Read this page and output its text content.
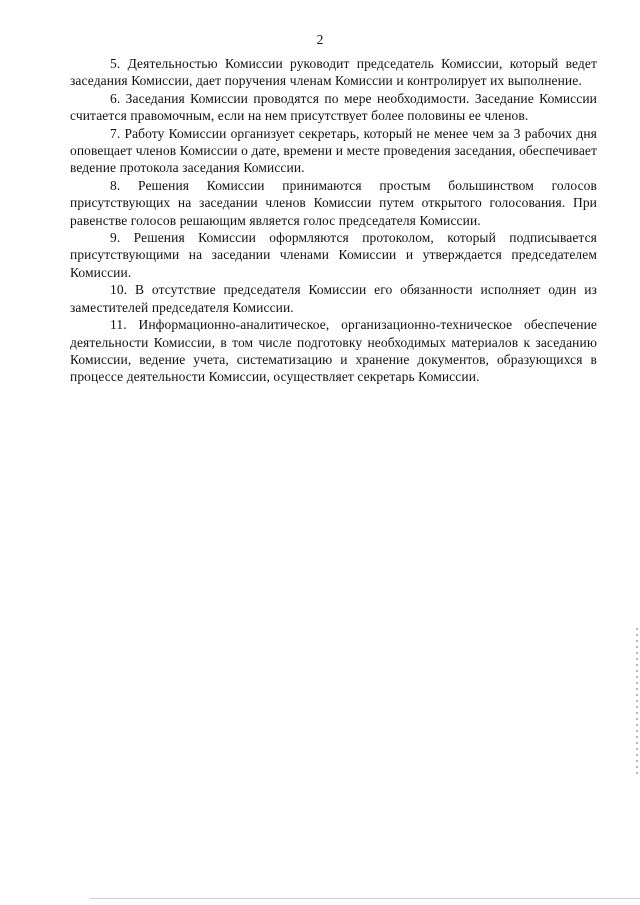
2

5. Деятельностью Комиссии руководит председатель Комиссии, который ведет заседания Комиссии, дает поручения членам Комиссии и контролирует их выполнение.

6. Заседания Комиссии проводятся по мере необходимости. Заседание Комиссии считается правомочным, если на нем присутствует более половины ее членов.

7. Работу Комиссии организует секретарь, который не менее чем за 3 рабочих дня оповещает членов Комиссии о дате, времени и месте проведения заседания, обеспечивает ведение протокола заседания Комиссии.

8. Решения Комиссии принимаются простым большинством голосов присутствующих на заседании членов Комиссии путем открытого голосования. При равенстве голосов решающим является голос председателя Комиссии.

9. Решения Комиссии оформляются протоколом, который подписывается присутствующими на заседании членами Комиссии и утверждается председателем Комиссии.

10. В отсутствие председателя Комиссии его обязанности исполняет один из заместителей председателя Комиссии.

11. Информационно-аналитическое, организационно-техническое обеспечение деятельности Комиссии, в том числе подготовку необходимых материалов к заседанию Комиссии, ведение учета, систематизацию и хранение документов, образующихся в процессе деятельности Комиссии, осуществляет секретарь Комиссии.
